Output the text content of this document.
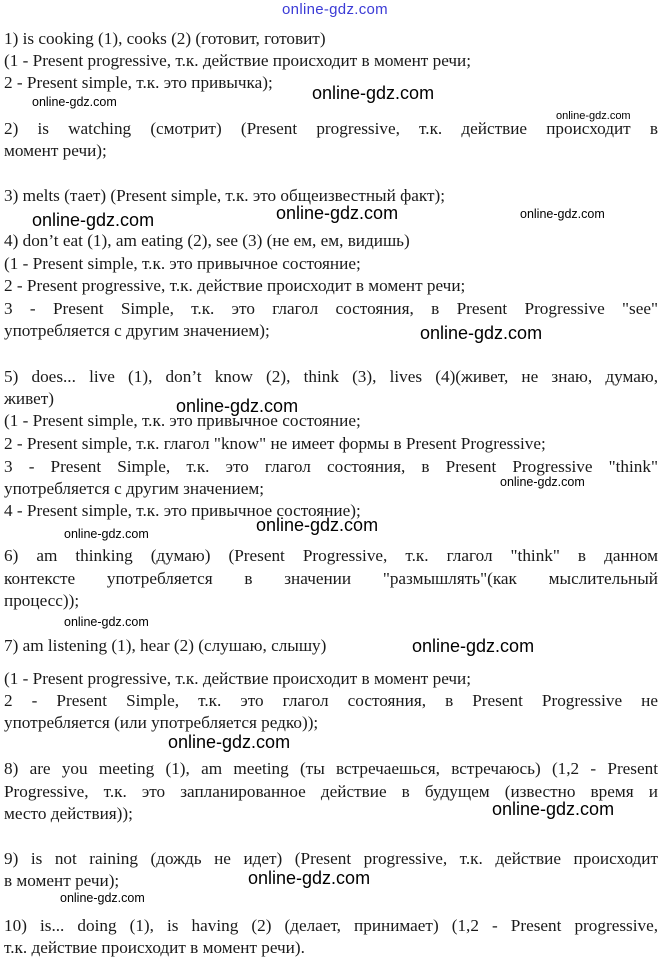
online-gdz.com
1) is cooking (1), cooks (2) (готовит, готовит)
(1 - Present progressive, т.к. действие происходит в момент речи;
2 - Present simple, т.к. это привычка);
2) is watching (смотрит) (Present progressive, т.к. действие происходит в
момент речи);
3) melts (тает) (Present simple, т.к. это общеизвестный факт);
4) don’t eat (1), am eating (2), see (3) (не ем, ем, видишь)
(1 - Present simple, т.к. это привычное состояние;
2 - Present progressive, т.к. действие происходит в момент речи;
3 - Present Simple, т.к. это глагол состояния, в Present Progressive "see"
употребляется с другим значением);
5) does... live (1), don’t know (2), think (3), lives (4)(живет, не знаю, думаю,
живет)
(1 - Present simple, т.к. это привычное состояние;
2 - Present simple, т.к. глагол "know" не имеет формы в Present Progressive;
3 - Present Simple, т.к. это глагол состояния, в Present Progressive "think"
употребляется с другим значением;
4 - Present simple, т.к. это привычное состояние);
6) am thinking (думаю) (Present Progressive, т.к. глагол "think" в данном
контексте употребляется в значении "размышлять"(как мыслительный
процесс));
7) am listening (1), hear (2) (слушаю, слышу)
(1 - Present progressive, т.к. действие происходит в момент речи;
2 - Present Simple, т.к. это глагол состояния, в Present Progressive не
употребляется (или употребляется редко));
8) are you meeting (1), am meeting (ты встречаешься, встречаюсь) (1,2 - Present
Progressive, т.к. это запланированное действие в будущем (известно время и
место действия));
9) is not raining (дождь не идет) (Present progressive, т.к. действие происходит
в момент речи);
10) is... doing (1), is having (2) (делает, принимает) (1,2 - Present progressive,
т.к. действие происходит в момент речи).
online-gdz.com
online-gdz.com
online-gdz.com
online-gdz.com	online-gdz.com	online-gdz.com
online-gdz.com
online-gdz.com
online-gdz.com
online-gdz.com
online-gdz.com
online-gdz.com
online-gdz.com
online-gdz.com
online-gdz.com
online-gdz.com
online-gdz.com
